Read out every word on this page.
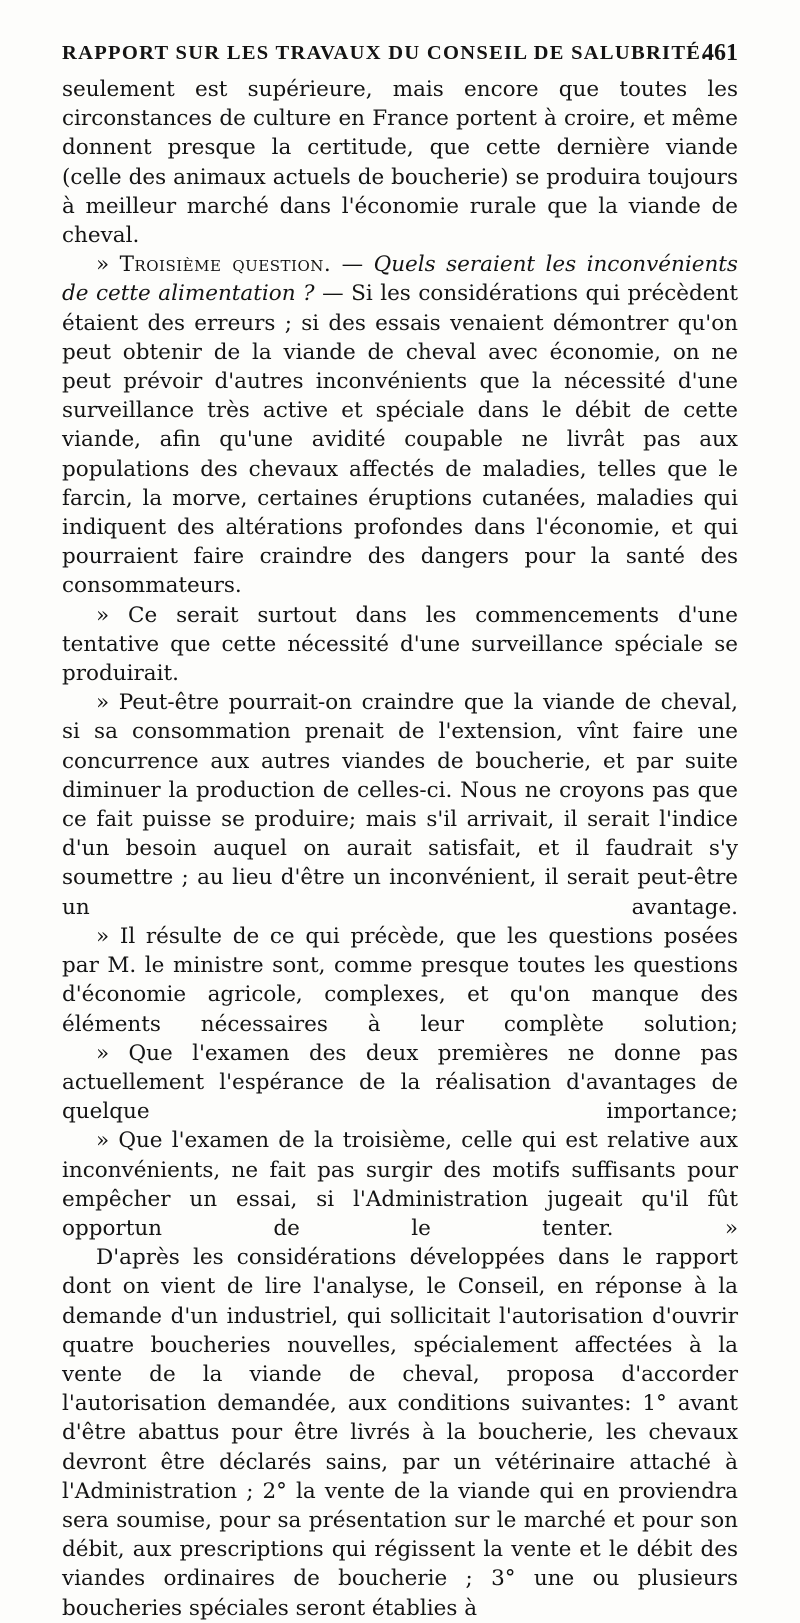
RAPPORT SUR LES TRAVAUX DU CONSEIL DE SALUBRITÉ.
461

seulement est supérieure, mais encore que toutes les circonstances de culture en France portent à croire, et même donnent presque la certitude, que cette dernière viande (celle des animaux actuels de boucherie) se produira toujours à meilleur marché dans l'économie rurale que la viande de cheval.

» Troisième question. — Quels seraient les inconvénients de cette alimentation ? — Si les considérations qui précèdent étaient des erreurs ; si des essais venaient démontrer qu'on peut obtenir de la viande de cheval avec économie, on ne peut prévoir d'autres inconvénients que la nécessité d'une surveillance très active et spéciale dans le débit de cette viande, afin qu'une avidité coupable ne livrât pas aux populations des chevaux affectés de maladies, telles que le farcin, la morve, certaines éruptions cutanées, maladies qui indiquent des altérations profondes dans l'économie, et qui pourraient faire craindre des dangers pour la santé des consommateurs.

» Ce serait surtout dans les commencements d'une tentative que cette nécessité d'une surveillance spéciale se produirait.

» Peut-être pourrait-on craindre que la viande de cheval, si sa consommation prenait de l'extension, vînt faire une concurrence aux autres viandes de boucherie, et par suite diminuer la production de celles-ci. Nous ne croyons pas que ce fait puisse se produire; mais s'il arrivait, il serait l'indice d'un besoin auquel on aurait satisfait, et il faudrait s'y soumettre ; au lieu d'être un inconvénient, il serait peut-être un avantage.

» Il résulte de ce qui précède, que les questions posées par M. le ministre sont, comme presque toutes les questions d'économie agricole, complexes, et qu'on manque des éléments nécessaires à leur complète solution;

» Que l'examen des deux premières ne donne pas actuellement l'espérance de la réalisation d'avantages de quelque importance;

» Que l'examen de la troisième, celle qui est relative aux inconvénients, ne fait pas surgir des motifs suffisants pour empêcher un essai, si l'Administration jugeait qu'il fût opportun de le tenter. »

D'après les considérations développées dans le rapport dont on vient de lire l'analyse, le Conseil, en réponse à la demande d'un industriel, qui sollicitait l'autorisation d'ouvrir quatre boucheries nouvelles, spécialement affectées à la vente de la viande de cheval, proposa d'accorder l'autorisation demandée, aux conditions suivantes: 1° avant d'être abattus pour être livrés à la boucherie, les chevaux devront être déclarés sains, par un vétérinaire attaché à l'Administration ; 2° la vente de la viande qui en proviendra sera soumise, pour sa présentation sur le marché et pour son débit, aux prescriptions qui régissent la vente et le débit des viandes ordinaires de boucherie ; 3° une ou plusieurs boucheries spéciales seront établies à
